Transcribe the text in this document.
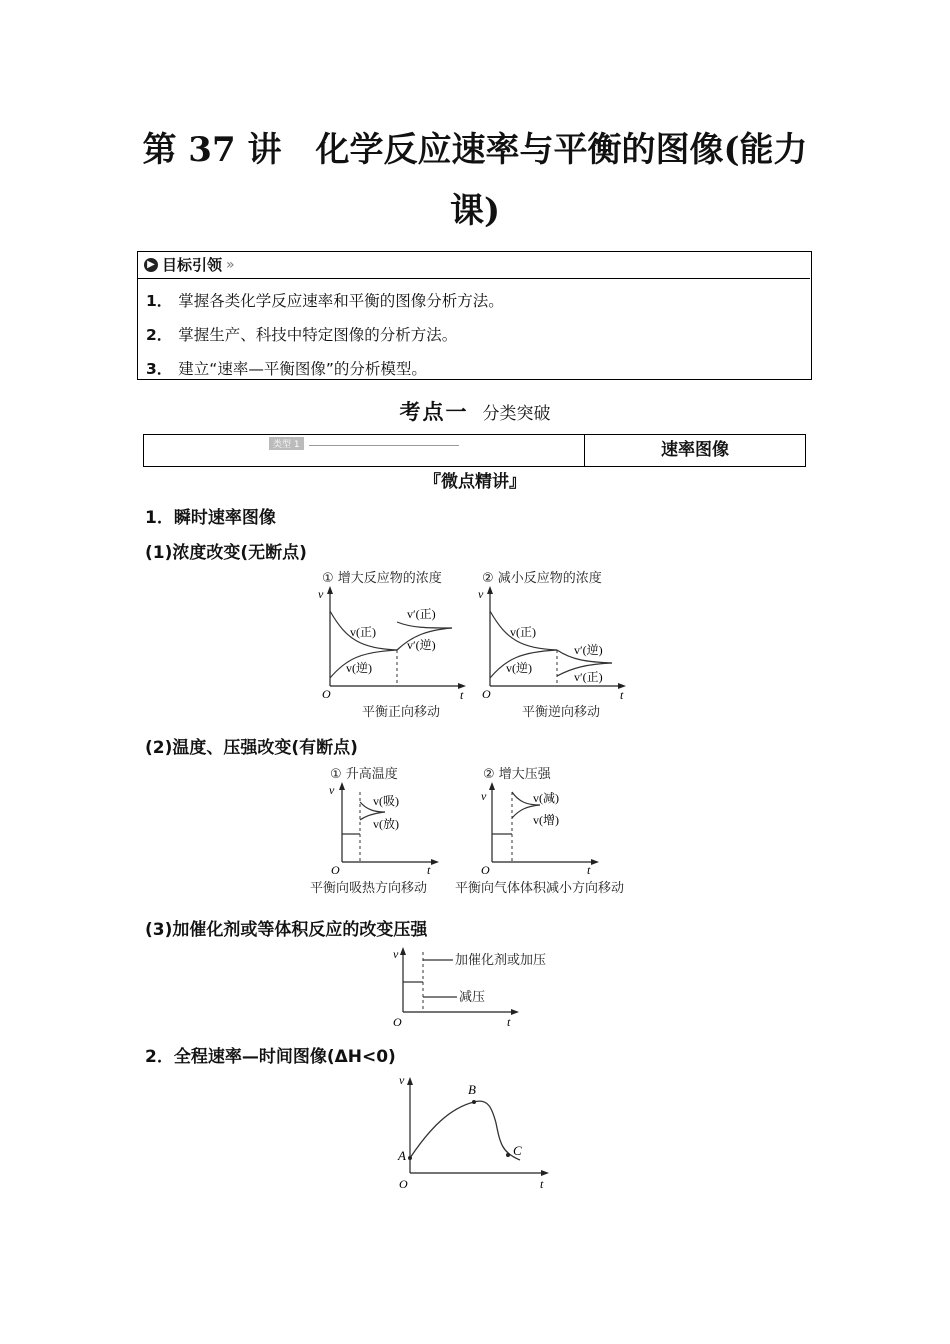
第 37 讲　化学反应速率与平衡的图像(能力
课)
▶ 目标引领 »
1． 掌握各类化学反应速率和平衡的图像分析方法。
2． 掌握生产、科技中特定图像的分析方法。
3． 建立“速率—平衡图像”的分析模型。
考点一 分类突破
类型 1	速率图像
『微点精讲』
1．瞬时速率图像
(1)浓度改变(无断点)
① 增大反应物的浓度
v
t
O
v(正)
v(逆)
v′(正)
v′(逆)
平衡正向移动
② 减小反应物的浓度
v
t
O
v(正)
v(逆)
v′(逆)
v′(正)
平衡逆向移动
(2)温度、压强改变(有断点)
① 升高温度
v
t
O
v(吸)
v(放)
平衡向吸热方向移动
② 增大压强
v
t
O
v(减)
v(增)
平衡向气体体积减小方向移动
(3)加催化剂或等体积反应的改变压强
v
t
O
加催化剂或加压
减压
2．全程速率—时间图像(ΔH<0)
v
t
O
A
B
C
